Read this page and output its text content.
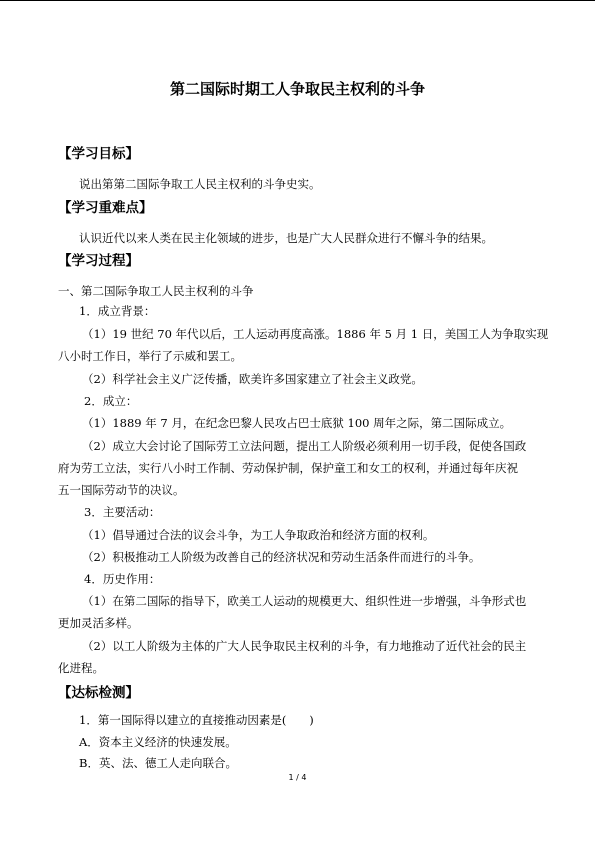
第二国际时期工人争取民主权利的斗争
【学习目标】

说出第第二国际争取工人民主权利的斗争史实。

【学习重难点】

认识近代以来人类在民主化领域的进步，也是广大人民群众进行不懈斗争的结果。

【学习过程】

一、第二国际争取工人民主权利的斗争

1．成立背景：

（1）19 世纪 70 年代以后，工人运动再度高涨。1886 年 5 月 1 日，美国工人为争取实现

八小时工作日，举行了示威和罢工。

（2）科学社会主义广泛传播，欧美许多国家建立了社会主义政党。

2．成立：

（1）1889 年 7 月，在纪念巴黎人民攻占巴士底狱 100 周年之际，第二国际成立。

（2）成立大会讨论了国际劳工立法问题，提出工人阶级必须利用一切手段，促使各国政

府为劳工立法，实行八小时工作制、劳动保护制，保护童工和女工的权利，并通过每年庆祝

五一国际劳动节的决议。

3．主要活动：

（1）倡导通过合法的议会斗争，为工人争取政治和经济方面的权利。

（2）积极推动工人阶级为改善自己的经济状况和劳动生活条件而进行的斗争。

4．历史作用：

（1）在第二国际的指导下，欧美工人运动的规模更大、组织性进一步增强，斗争形式也

更加灵活多样。

（2）以工人阶级为主体的广大人民争取民主权利的斗争，有力地推动了近代社会的民主

化进程。

【达标检测】

1．第一国际得以建立的直接推动因素是(　　)

A．资本主义经济的快速发展。

B．英、法、德工人走向联合。

1 / 4
